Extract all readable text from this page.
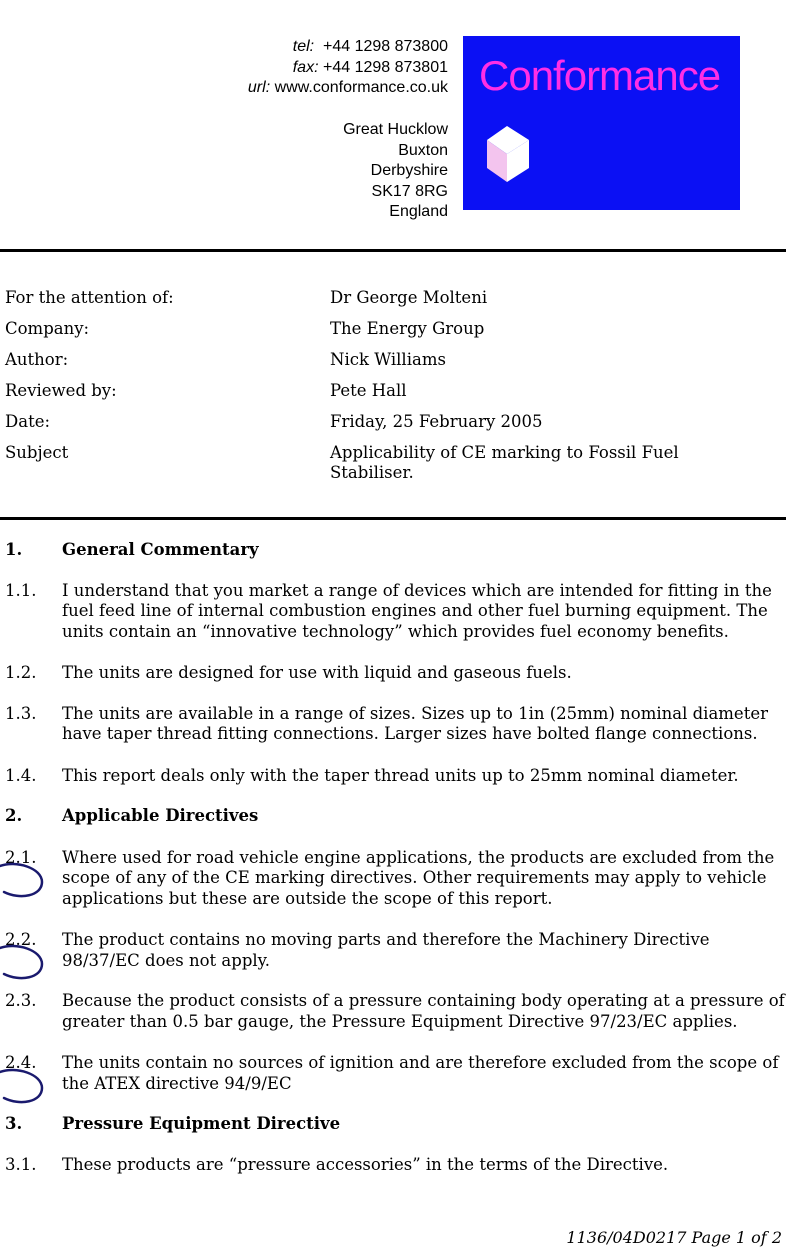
tel: +44 1298 873800
fax: +44 1298 873801
url: www.conformance.co.uk
Great Hucklow
Buxton
Derbyshire
SK17 8RG
England
Conformance
For the attention of:	Dr George Molteni
Company:	The Energy Group
Author:	Nick Williams
Reviewed by:	Pete Hall
Date:	Friday, 25 February 2005
Subject	Applicability of CE marking to Fossil Fuel Stabiliser.
1. General Commentary
1.1. I understand that you market a range of devices which are intended for fitting in the fuel feed line of internal combustion engines and other fuel burning equipment. The units contain an “innovative technology” which provides fuel economy benefits.
1.2. The units are designed for use with liquid and gaseous fuels.
1.3. The units are available in a range of sizes. Sizes up to 1in (25mm) nominal diameter have taper thread fitting connections. Larger sizes have bolted flange connections.
1.4. This report deals only with the taper thread units up to 25mm nominal diameter.
2. Applicable Directives
2.1. Where used for road vehicle engine applications, the products are excluded from the scope of any of the CE marking directives. Other requirements may apply to vehicle applications but these are outside the scope of this report.
2.2. The product contains no moving parts and therefore the Machinery Directive 98/37/EC does not apply.
2.3. Because the product consists of a pressure containing body operating at a pressure of greater than 0.5 bar gauge, the Pressure Equipment Directive 97/23/EC applies.
2.4. The units contain no sources of ignition and are therefore excluded from the scope of the ATEX directive 94/9/EC
3. Pressure Equipment Directive
3.1. These products are “pressure accessories” in the terms of the Directive.
1136/04D0217 Page 1 of 2
